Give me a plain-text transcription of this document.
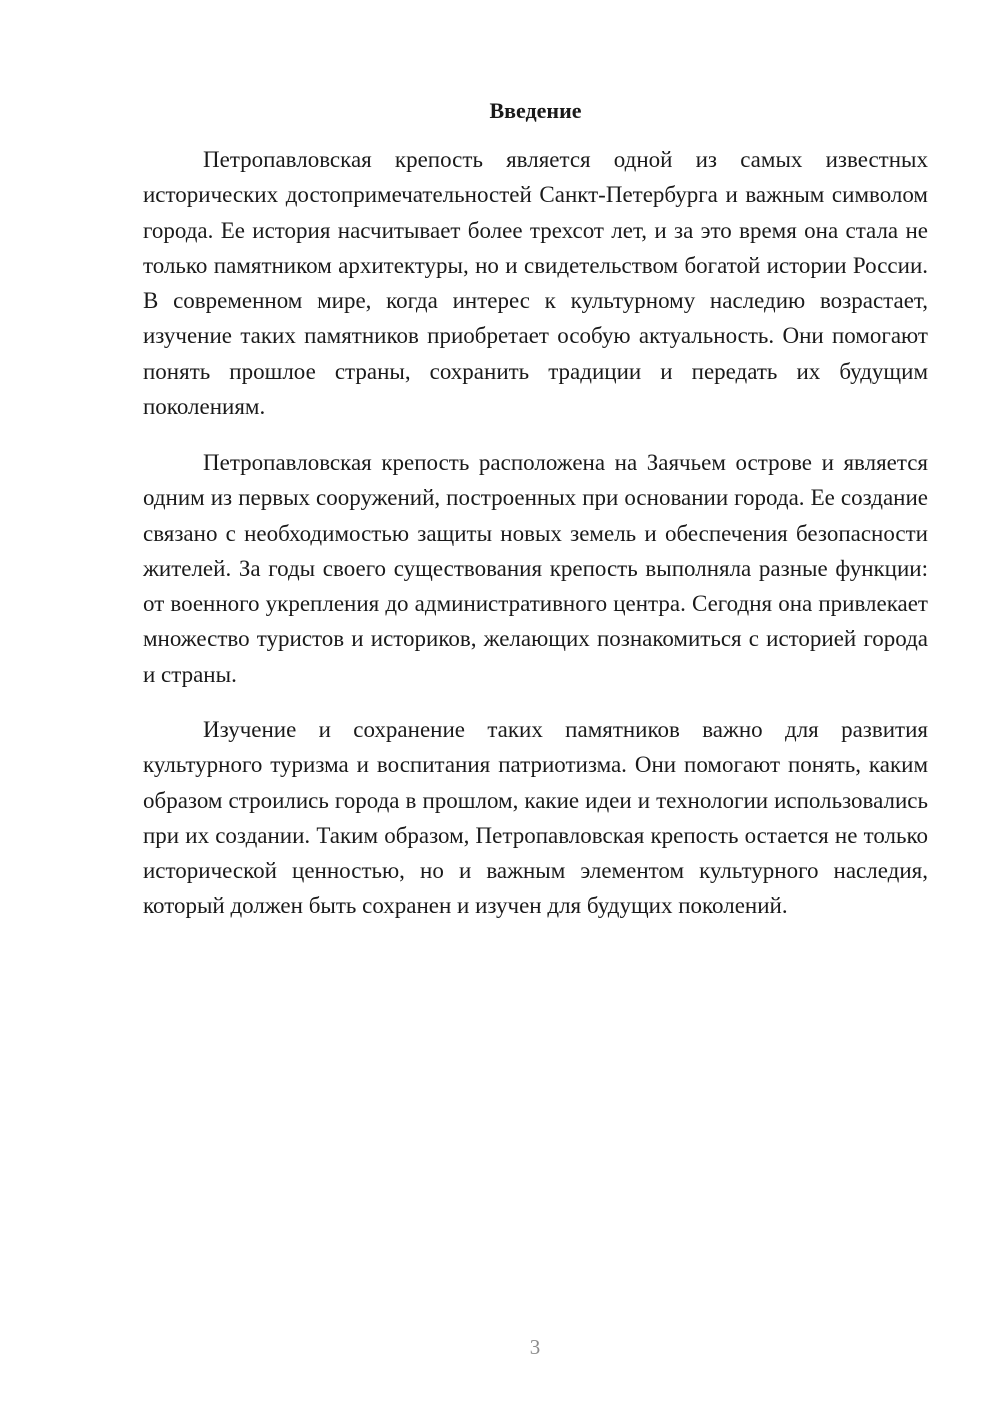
Введение

Петропавловская крепость является одной из самых известных исторических достопримечательностей Санкт-Петербурга и важным символом города. Ее история насчитывает более трехсот лет, и за это время она стала не только памятником архитектуры, но и свидетельством богатой истории России. В современном мире, когда интерес к культурному наследию возрастает, изучение таких памятников приобретает особую актуальность. Они помогают понять прошлое страны, сохранить традиции и передать их будущим поколениям.

Петропавловская крепость расположена на Заячьем острове и является одним из первых сооружений, построенных при основании города. Ее создание связано с необходимостью защиты новых земель и обеспечения безопасности жителей. За годы своего существования крепость выполняла разные функции: от военного укрепления до административного центра. Сегодня она привлекает множество туристов и историков, желающих познакомиться с историей города и страны.

Изучение и сохранение таких памятников важно для развития культурного туризма и воспитания патриотизма. Они помогают понять, каким образом строились города в прошлом, какие идеи и технологии использовались при их создании. Таким образом, Петропавловская крепость остается не только исторической ценностью, но и важным элементом культурного наследия, который должен быть сохранен и изучен для будущих поколений.

3
